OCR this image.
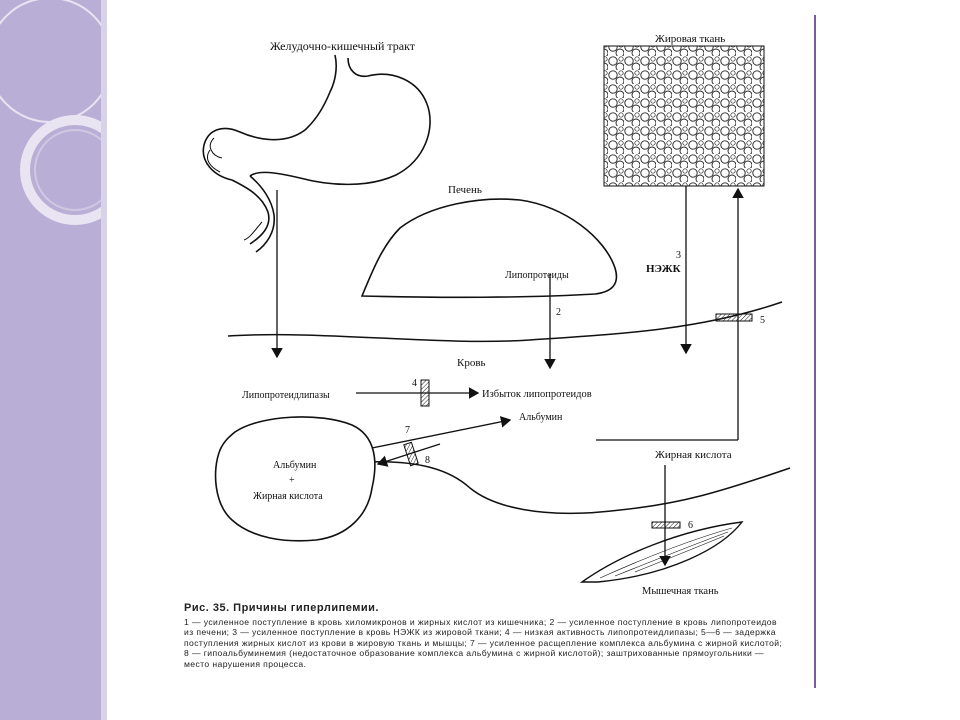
Желудочно-кишечный тракт	Жировая ткань
Печень
Липопротеиды
2
3
НЭЖК
5
Кровь
Липопротеидлипазы
4
Избыток липопротеидов
Альбумин
7
8
Альбумин
+
Жирная кислота
Жирная кислота
6
Мышечная ткань
Рис. 35. Причины гиперлипемии.
1 — усиленное поступление в кровь хиломикронов и жирных кислот из кишечника; 2 — усиленное поступление в кровь липопротеидов из печени; 3 — усиленное поступление в кровь НЭЖК из жировой ткани; 4 — низкая активность липопротеидлипазы; 5—6 — задержка поступления жирных кислот из крови в жировую ткань и мышцы; 7 — усиленное расщепление комплекса альбумина с жирной кислотой; 8 — гипоальбуминемия (недостаточное образование комплекса альбумина с жирной кислотой); заштрихованные прямоугольники — место нарушения процесса.
